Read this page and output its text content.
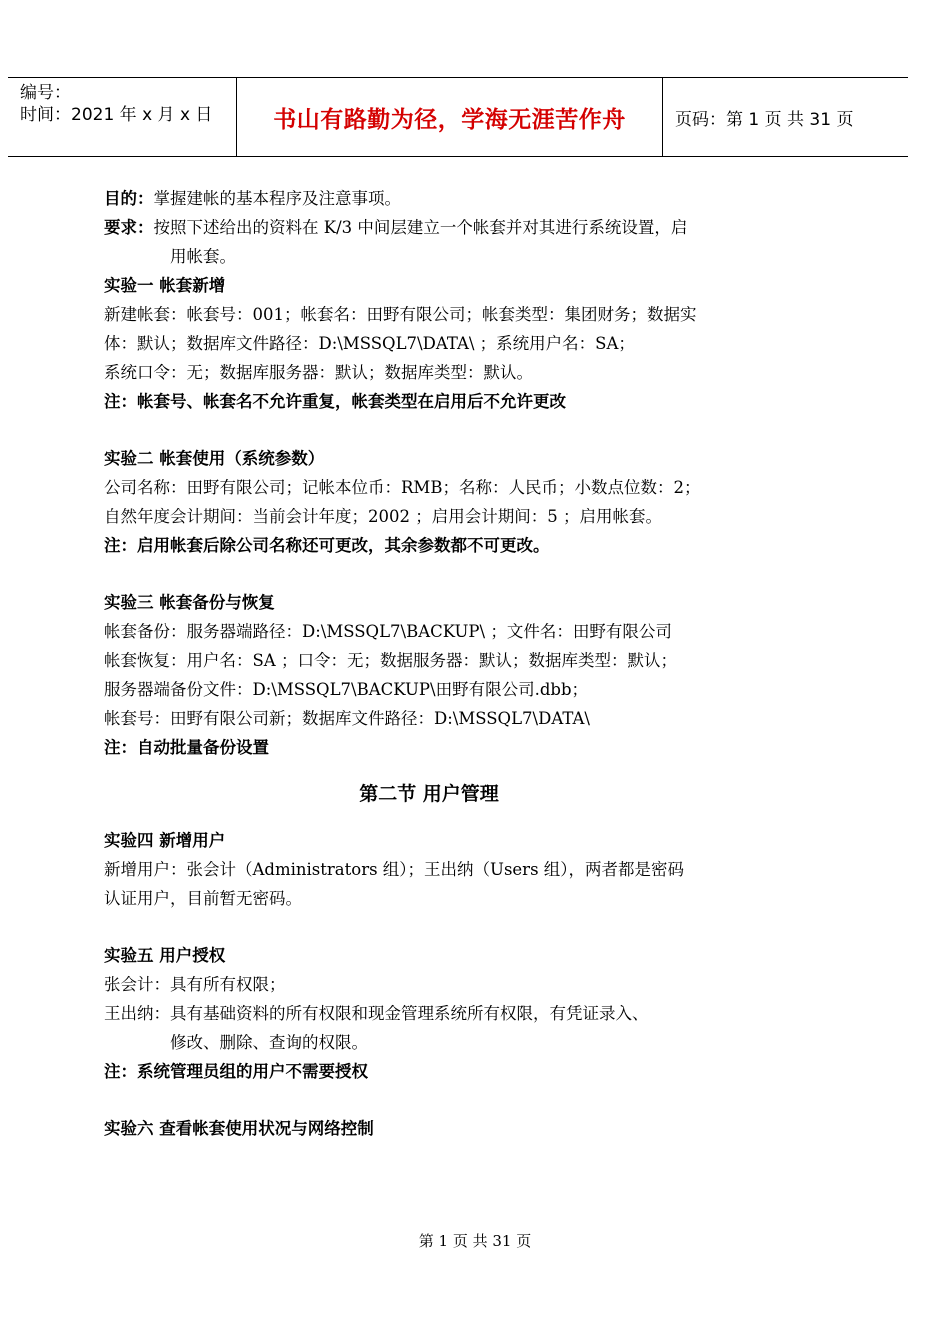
编号：
时间：2021 年 x 月 x 日	书山有路勤为径，学海无涯苦作舟	页码：第 1 页 共 31 页
目的：掌握建帐的基本程序及注意事项。
要求：按照下述给出的资料在 K/3 中间层建立一个帐套并对其进行系统设置，启
用帐套。
实验一 帐套新增
新建帐套：帐套号：001；帐套名：田野有限公司；帐套类型：集团财务；数据实
体：默认；数据库文件路径：D:\MSSQL7\DATA\ ；系统用户名：SA；
系统口令：无；数据库服务器：默认；数据库类型：默认。
注：帐套号、帐套名不允许重复，帐套类型在启用后不允许更改
实验二 帐套使用（系统参数）
公司名称：田野有限公司；记帐本位币：RMB；名称：人民币；小数点位数：2；
自然年度会计期间：当前会计年度；2002 ；启用会计期间：5 ；启用帐套。
注：启用帐套后除公司名称还可更改，其余参数都不可更改。
实验三 帐套备份与恢复
帐套备份：服务器端路径：D:\MSSQL7\BACKUP\ ；文件名：田野有限公司
帐套恢复：用户名：SA ；口令：无；数据服务器：默认；数据库类型：默认；
服务器端备份文件：D:\MSSQL7\BACKUP\田野有限公司.dbb；
帐套号：田野有限公司新；数据库文件路径：D:\MSSQL7\DATA\
注：自动批量备份设置
第二节 用户管理
实验四 新增用户
新增用户：张会计（Administrators 组）；王出纳（Users 组），两者都是密码
认证用户，目前暂无密码。
实验五 用户授权
张会计：具有所有权限；
王出纳：具有基础资料的所有权限和现金管理系统所有权限，有凭证录入、
修改、删除、查询的权限。
注：系统管理员组的用户不需要授权
实验六 查看帐套使用状况与网络控制
第 1 页 共 31 页
